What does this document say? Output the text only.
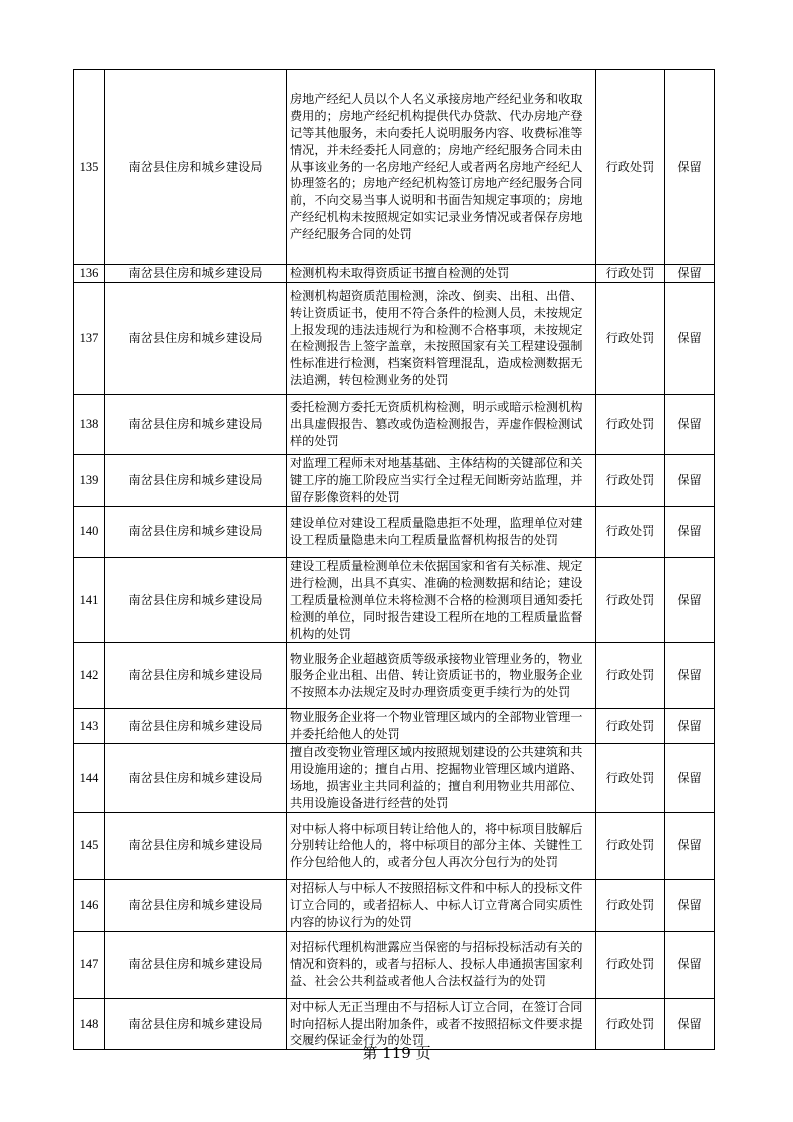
135	南岔县住房和城乡建设局	房地产经纪人员以个人名义承接房地产经纪业务和收取费用的；房地产经纪机构提供代办贷款、代办房地产登记等其他服务，未向委托人说明服务内容、收费标准等情况，并未经委托人同意的；房地产经纪服务合同未由从事该业务的一名房地产经纪人或者两名房地产经纪人协理签名的；房地产经纪机构签订房地产经纪服务合同前，不向交易当事人说明和书面告知规定事项的；房地产经纪机构未按照规定如实记录业务情况或者保存房地产经纪服务合同的处罚	行政处罚	保留
136	南岔县住房和城乡建设局	检测机构未取得资质证书擅自检测的处罚	行政处罚	保留
137	南岔县住房和城乡建设局	检测机构超资质范围检测，涂改、倒卖、出租、出借、转让资质证书，使用不符合条件的检测人员，未按规定上报发现的违法违规行为和检测不合格事项，未按规定在检测报告上签字盖章，未按照国家有关工程建设强制性标准进行检测，档案资料管理混乱，造成检测数据无法追溯，转包检测业务的处罚	行政处罚	保留
138	南岔县住房和城乡建设局	委托检测方委托无资质机构检测，明示或暗示检测机构出具虚假报告、篡改或伪造检测报告，弄虚作假检测试样的处罚	行政处罚	保留
139	南岔县住房和城乡建设局	对监理工程师未对地基基础、主体结构的关键部位和关键工序的施工阶段应当实行全过程无间断旁站监理，并留存影像资料的处罚	行政处罚	保留
140	南岔县住房和城乡建设局	建设单位对建设工程质量隐患拒不处理，监理单位对建设工程质量隐患未向工程质量监督机构报告的处罚	行政处罚	保留
141	南岔县住房和城乡建设局	建设工程质量检测单位未依据国家和省有关标准、规定进行检测，出具不真实、准确的检测数据和结论；建设工程质量检测单位未将检测不合格的检测项目通知委托检测的单位，同时报告建设工程所在地的工程质量监督机构的处罚	行政处罚	保留
142	南岔县住房和城乡建设局	物业服务企业超越资质等级承接物业管理业务的，物业服务企业出租、出借、转让资质证书的，物业服务企业不按照本办法规定及时办理资质变更手续行为的处罚	行政处罚	保留
143	南岔县住房和城乡建设局	物业服务企业将一个物业管理区域内的全部物业管理一并委托给他人的处罚	行政处罚	保留
144	南岔县住房和城乡建设局	擅自改变物业管理区域内按照规划建设的公共建筑和共用设施用途的；擅自占用、挖掘物业管理区域内道路、场地，损害业主共同利益的；擅自利用物业共用部位、共用设施设备进行经营的处罚	行政处罚	保留
145	南岔县住房和城乡建设局	对中标人将中标项目转让给他人的，将中标项目肢解后分别转让给他人的，将中标项目的部分主体、关键性工作分包给他人的，或者分包人再次分包行为的处罚	行政处罚	保留
146	南岔县住房和城乡建设局	对招标人与中标人不按照招标文件和中标人的投标文件订立合同的，或者招标人、中标人订立背离合同实质性内容的协议行为的处罚	行政处罚	保留
147	南岔县住房和城乡建设局	对招标代理机构泄露应当保密的与招标投标活动有关的情况和资料的，或者与招标人、投标人串通损害国家利益、社会公共利益或者他人合法权益行为的处罚	行政处罚	保留
148	南岔县住房和城乡建设局	对中标人无正当理由不与招标人订立合同，在签订合同时向招标人提出附加条件，或者不按照招标文件要求提交履约保证金行为的处罚	行政处罚	保留
第 119 页
